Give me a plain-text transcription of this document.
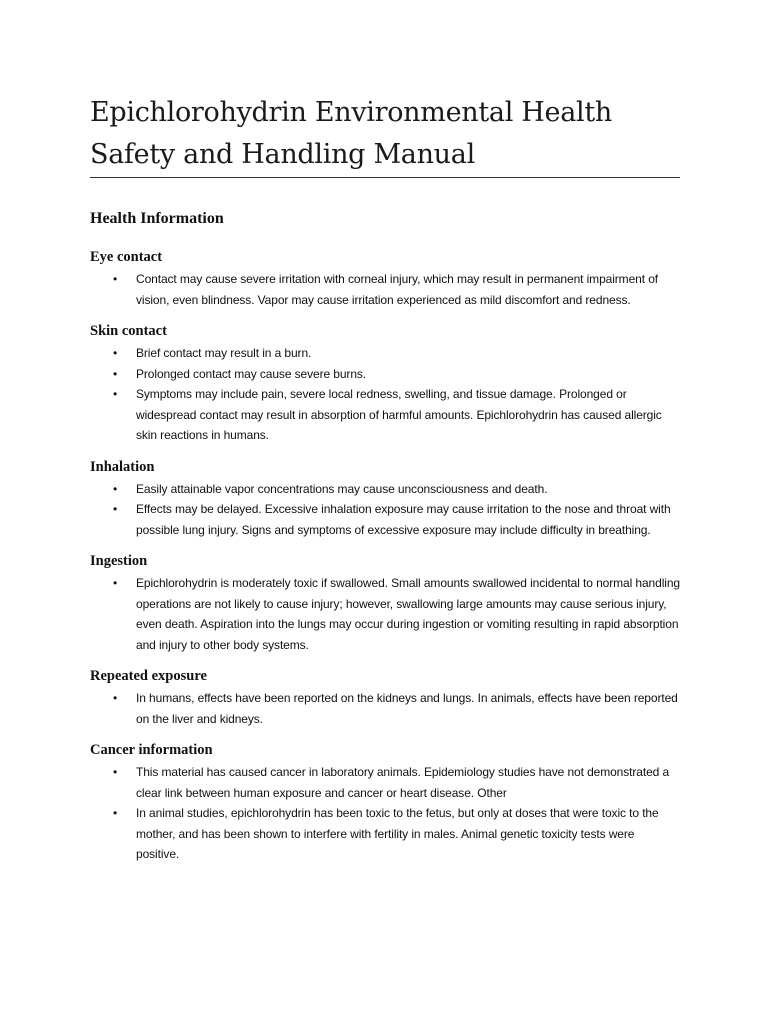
Epichlorohydrin Environmental Health
Safety and Handling Manual
Health Information
Eye contact
• Contact may cause severe irritation with corneal injury, which may result in permanent impairment of vision, even blindness. Vapor may cause irritation experienced as mild discomfort and redness.
Skin contact
• Brief contact may result in a burn.
• Prolonged contact may cause severe burns.
• Symptoms may include pain, severe local redness, swelling, and tissue damage. Prolonged or widespread contact may result in absorption of harmful amounts. Epichlorohydrin has caused allergic skin reactions in humans.
Inhalation
• Easily attainable vapor concentrations may cause unconsciousness and death.
• Effects may be delayed. Excessive inhalation exposure may cause irritation to the nose and throat with possible lung injury. Signs and symptoms of excessive exposure may include difficulty in breathing.
Ingestion
• Epichlorohydrin is moderately toxic if swallowed. Small amounts swallowed incidental to normal handling operations are not likely to cause injury; however, swallowing large amounts may cause serious injury, even death. Aspiration into the lungs may occur during ingestion or vomiting resulting in rapid absorption and injury to other body systems.
Repeated exposure
• In humans, effects have been reported on the kidneys and lungs. In animals, effects have been reported on the liver and kidneys.
Cancer information
• This material has caused cancer in laboratory animals. Epidemiology studies have not demonstrated a clear link between human exposure and cancer or heart disease. Other
• In animal studies, epichlorohydrin has been toxic to the fetus, but only at doses that were toxic to the mother, and has been shown to interfere with fertility in males. Animal genetic toxicity tests were positive.
